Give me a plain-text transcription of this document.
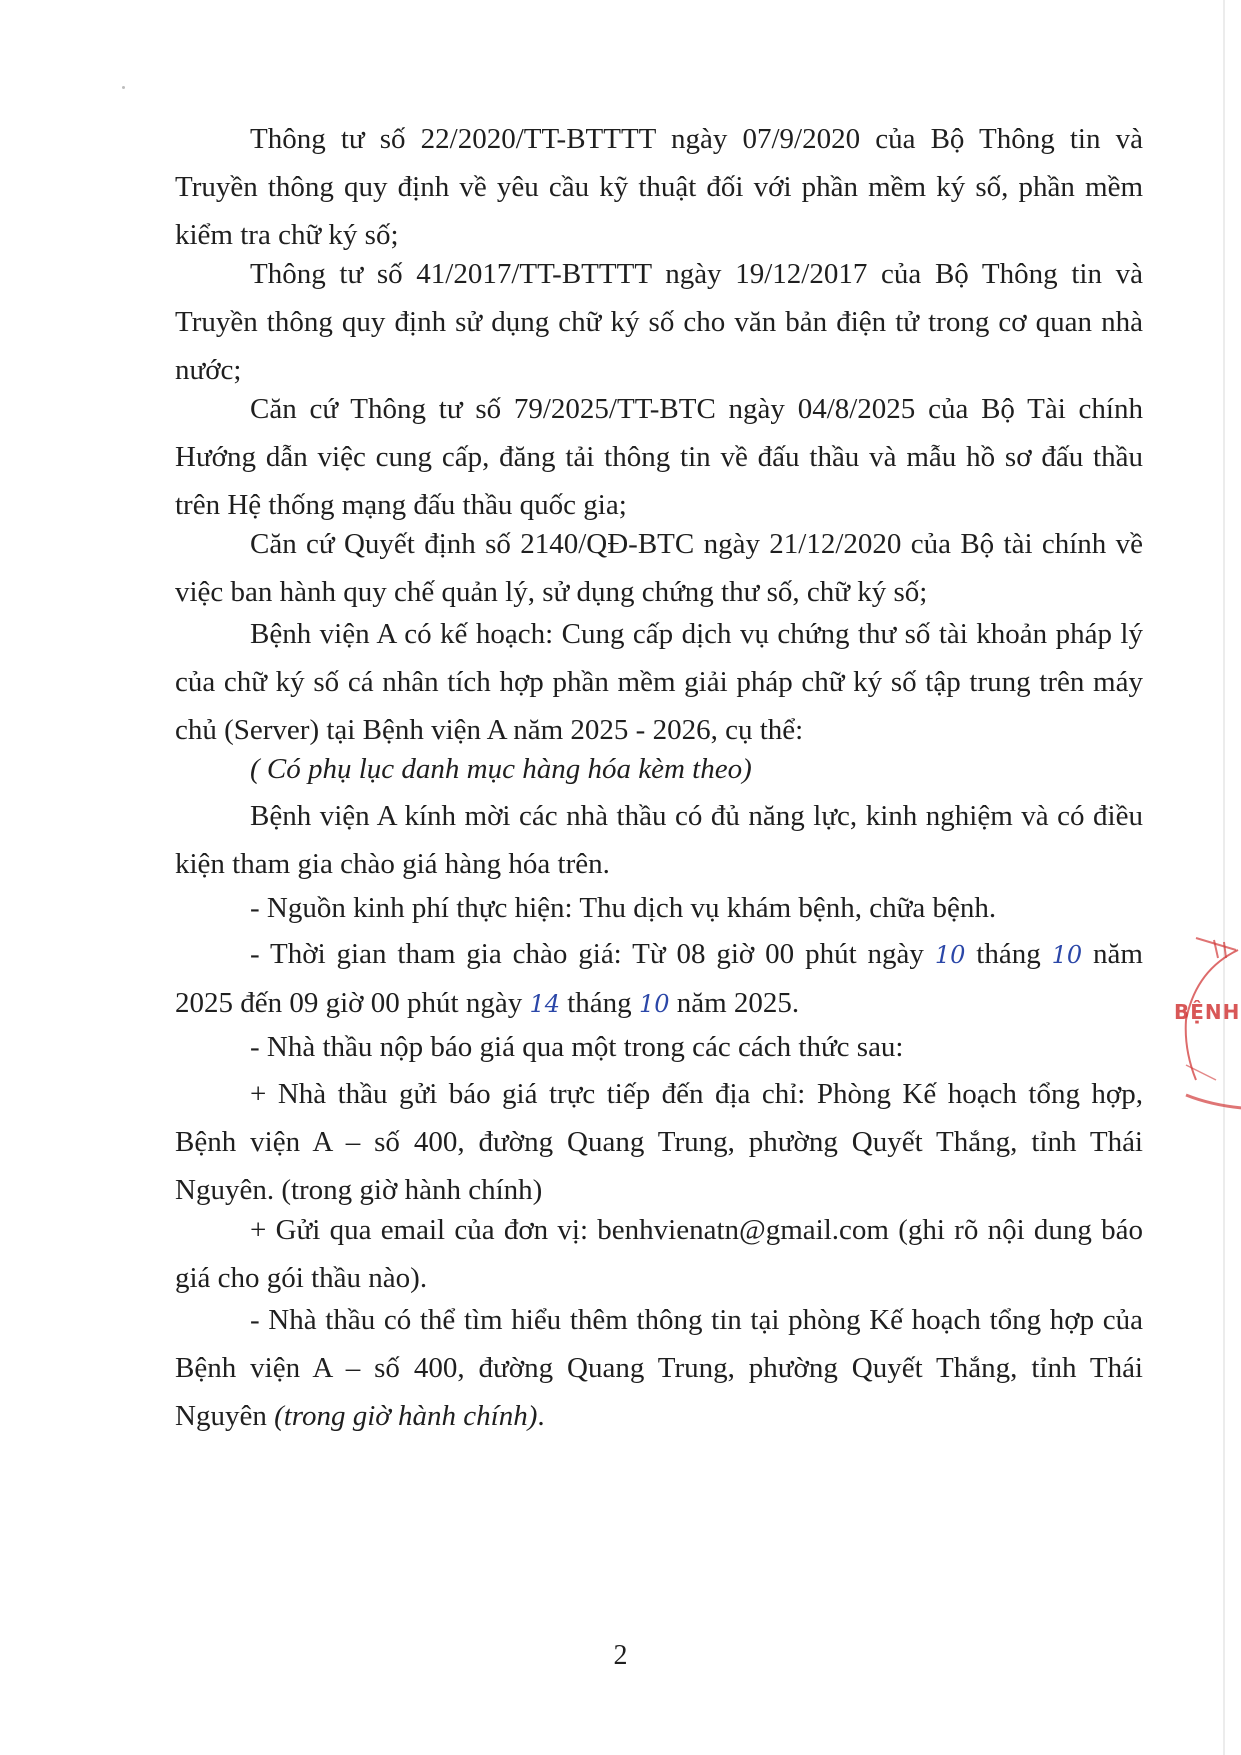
Thông tư số 22/2020/TT-BTTTT ngày 07/9/2020 của Bộ Thông tin và Truyền thông quy định về yêu cầu kỹ thuật đối với phần mềm ký số, phần mềm kiểm tra chữ ký số;

Thông tư số 41/2017/TT-BTTTT ngày 19/12/2017 của Bộ Thông tin và Truyền thông quy định sử dụng chữ ký số cho văn bản điện tử trong cơ quan nhà nước;

Căn cứ Thông tư số 79/2025/TT-BTC ngày 04/8/2025 của Bộ Tài chính Hướng dẫn việc cung cấp, đăng tải thông tin về đấu thầu và mẫu hồ sơ đấu thầu trên Hệ thống mạng đấu thầu quốc gia;

Căn cứ Quyết định số 2140/QĐ-BTC ngày 21/12/2020 của Bộ tài chính về việc ban hành quy chế quản lý, sử dụng chứng thư số, chữ ký số;

Bệnh viện A có kế hoạch: Cung cấp dịch vụ chứng thư số tài khoản pháp lý của chữ ký số cá nhân tích hợp phần mềm giải pháp chữ ký số tập trung trên máy chủ (Server) tại Bệnh viện A năm 2025 - 2026, cụ thể:

( Có phụ lục danh mục hàng hóa kèm theo)

Bệnh viện A kính mời các nhà thầu có đủ năng lực, kinh nghiệm và có điều kiện tham gia chào giá hàng hóa trên.

- Nguồn kinh phí thực hiện: Thu dịch vụ khám bệnh, chữa bệnh.

- Thời gian tham gia chào giá: Từ 08 giờ 00 phút ngày 10 tháng 10 năm 2025 đến 09 giờ 00 phút ngày 14 tháng 10 năm 2025.

- Nhà thầu nộp báo giá qua một trong các cách thức sau:

+ Nhà thầu gửi báo giá trực tiếp đến địa chỉ: Phòng Kế hoạch tổng hợp, Bệnh viện A – số 400, đường Quang Trung, phường Quyết Thắng, tỉnh Thái Nguyên. (trong giờ hành chính)

+ Gửi qua email của đơn vị: benhvienatn@gmail.com (ghi rõ nội dung báo giá cho gói thầu nào).

- Nhà thầu có thể tìm hiểu thêm thông tin tại phòng Kế hoạch tổng hợp của Bệnh viện A – số 400, đường Quang Trung, phường Quyết Thắng, tỉnh Thái Nguyên (trong giờ hành chính).

2
BỆNH
